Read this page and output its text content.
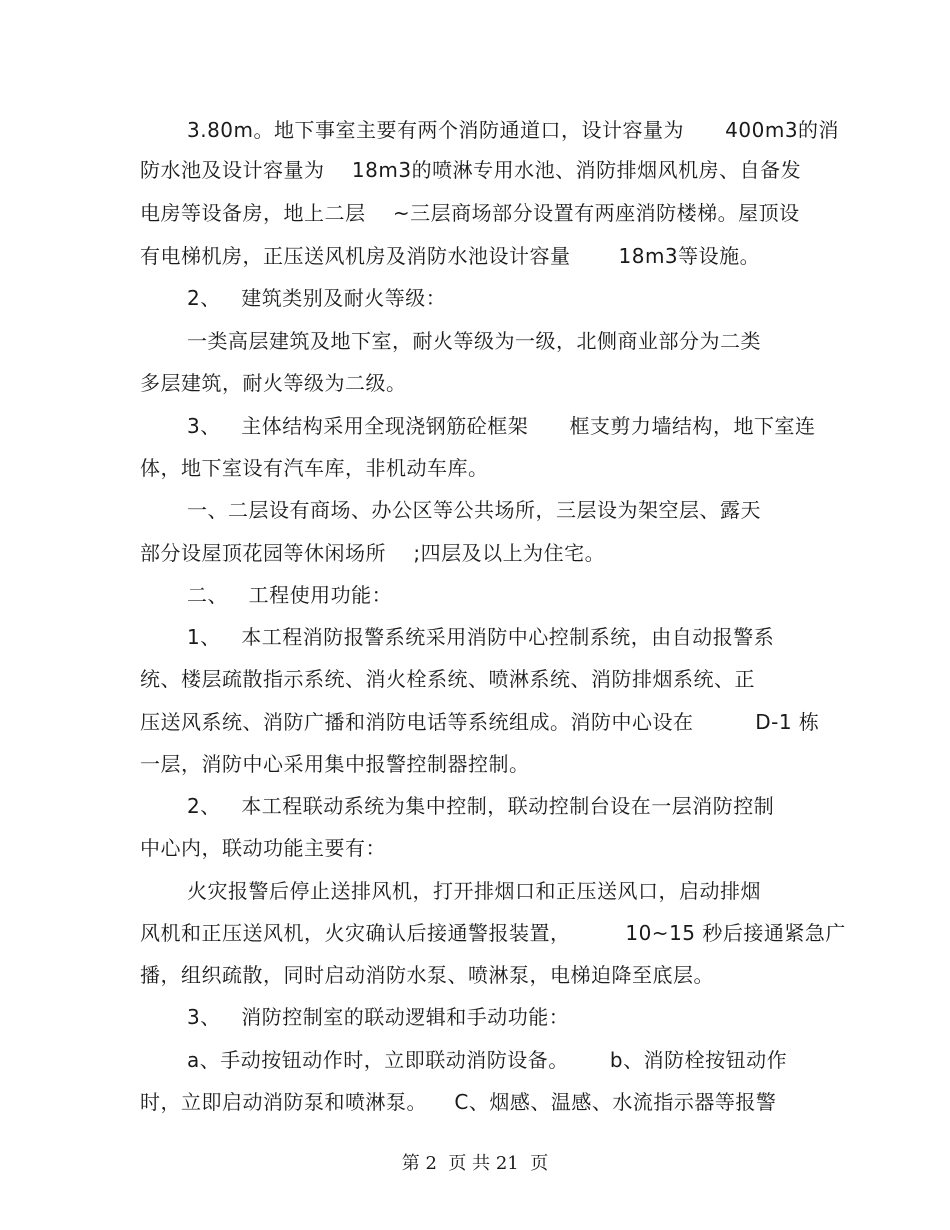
3.80m。地下事室主要有两个消防通道口，设计容量为      400m3的消
防水池及设计容量为    18m3的喷淋专用水池、消防排烟风机房、自备发
电房等设备房，地上二层    ~三层商场部分设置有两座消防楼梯。屋顶设
有电梯机房，正压送风机房及消防水池设计容量       18m3等设施。
2、   建筑类别及耐火等级：
一类高层建筑及地下室，耐火等级为一级，北侧商业部分为二类
多层建筑，耐火等级为二级。
3、   主体结构采用全现浇钢筋砼框架      框支剪力墙结构，地下室连
体，地下室设有汽车库，非机动车库。
一、二层设有商场、办公区等公共场所，三层设为架空层、露天
部分设屋顶花园等休闲场所    ;四层及以上为住宅。
二、   工程使用功能：
1、   本工程消防报警系统采用消防中心控制系统，由自动报警系
统、楼层疏散指示系统、消火栓系统、喷淋系统、消防排烟系统、正
压送风系统、消防广播和消防电话等系统组成。消防中心设在         D-1 栋
一层，消防中心采用集中报警控制器控制。
2、   本工程联动系统为集中控制，联动控制台设在一层消防控制
中心内，联动功能主要有：
火灾报警后停止送排风机，打开排烟口和正压送风口，启动排烟
风机和正压送风机，火灾确认后接通警报装置，        10~15 秒后接通紧急广
播，组织疏散，同时启动消防水泵、喷淋泵，电梯迫降至底层。
3、   消防控制室的联动逻辑和手动功能：
a、手动按钮动作时，立即联动消防设备。      b、消防栓按钮动作
时，立即启动消防泵和喷淋泵。    C、烟感、温感、水流指示器等报警
第 2  页 共 21  页
